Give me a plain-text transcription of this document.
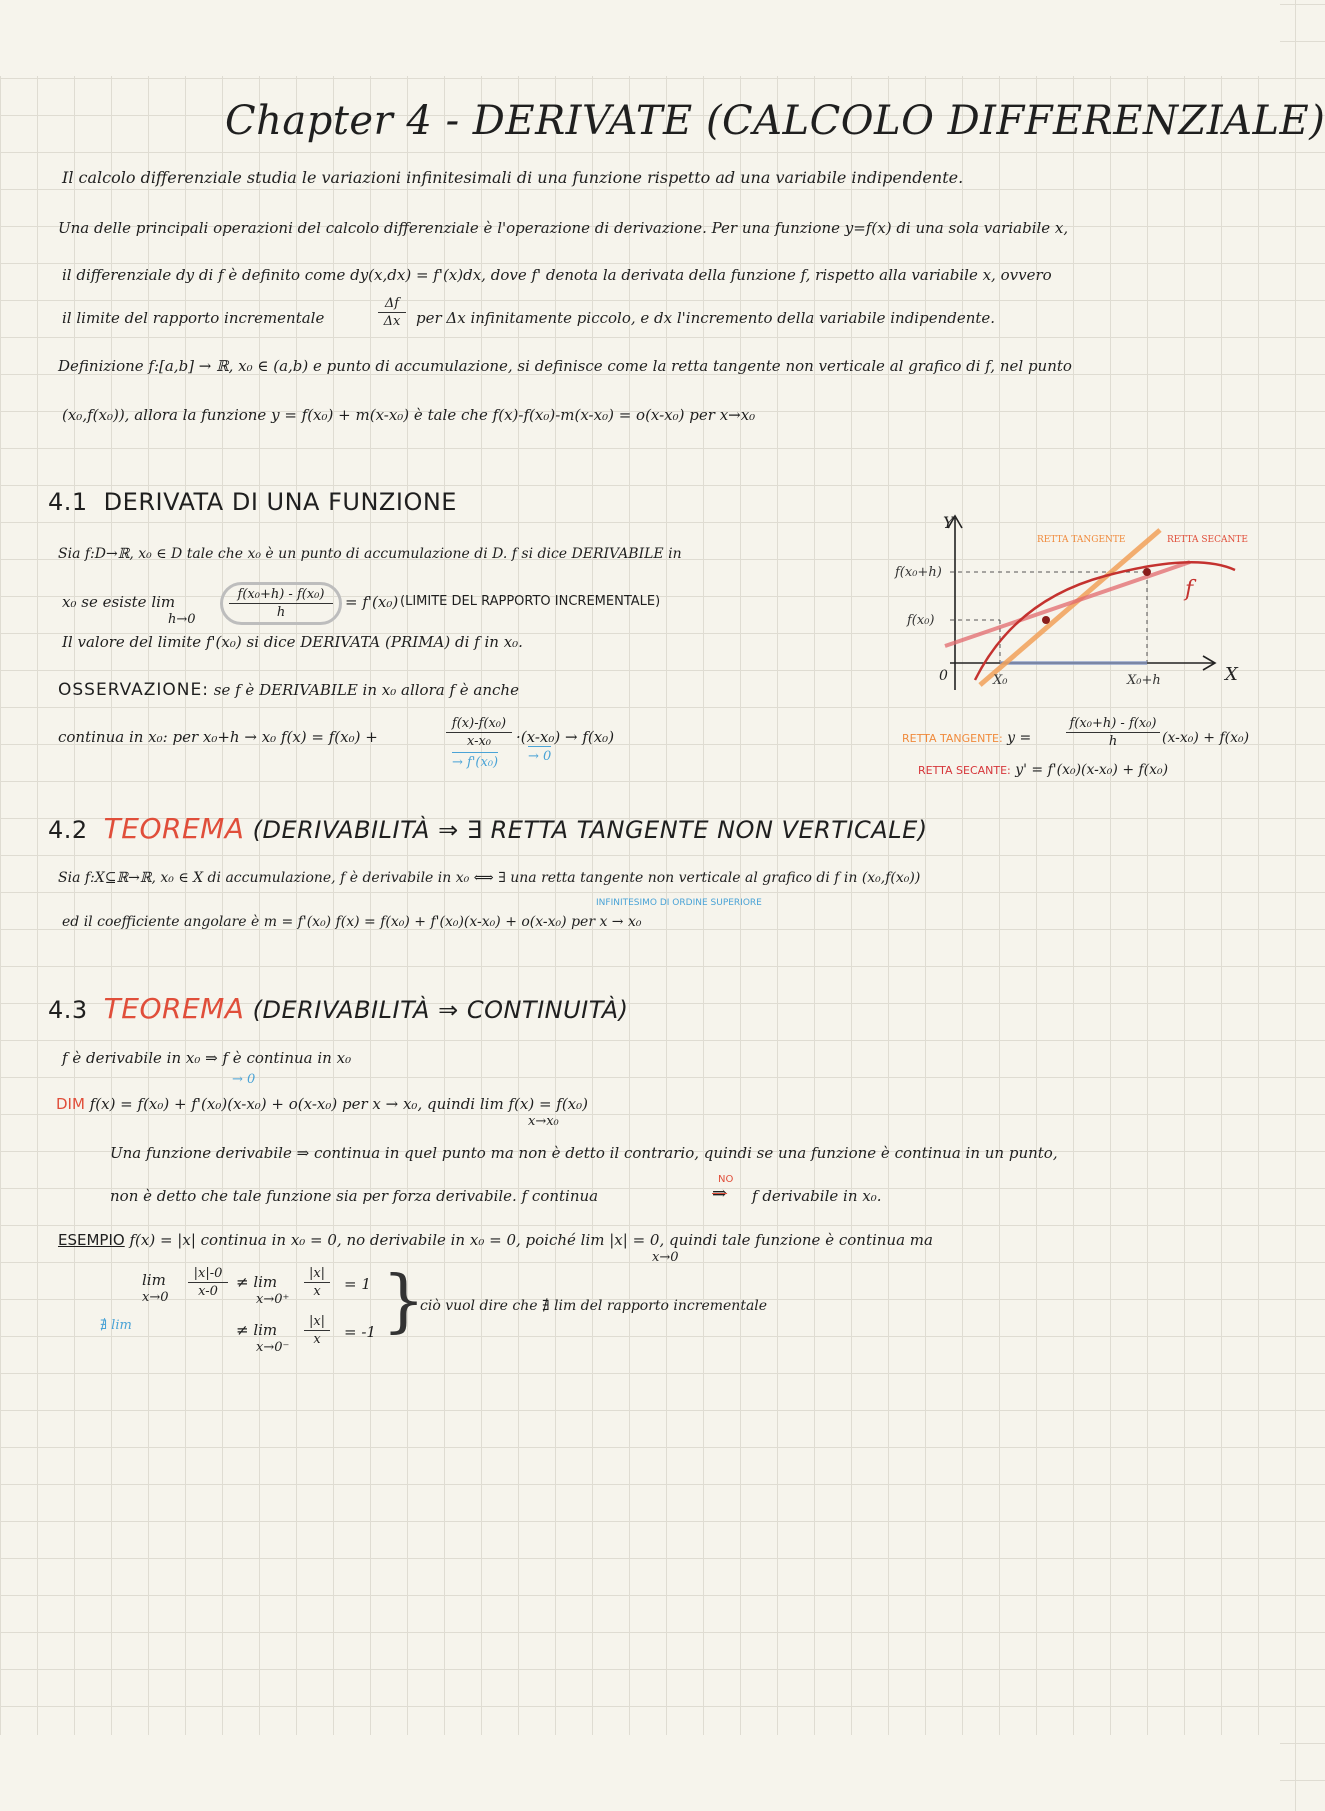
Chapter 4 - DERIVATE (CALCOLO DIFFERENZIALE)
Il calcolo differenziale studia le variazioni infinitesimali di una funzione rispetto ad una variabile indipendente.
Una delle principali operazioni del calcolo differenziale è l'operazione di derivazione. Per una funzione y=f(x) di una sola variabile x,
il differenziale dy di f è definito come dy(x,dx) = f'(x)dx, dove f' denota la derivata della funzione f, rispetto alla variabile x, ovvero
il limite del rapporto incrementale
Δf
Δx	per Δx infinitamente piccolo, e dx l'incremento della variabile indipendente.
Definizione f:[a,b] → ℝ, x₀ ∈ (a,b) e punto di accumulazione, si definisce come la retta tangente non verticale al grafico di f, nel punto
(x₀,f(x₀)), allora la funzione y = f(x₀) + m(x-x₀) è tale che f(x)-f(x₀)-m(x-x₀) = o(x-x₀) per x→x₀
4.1 DERIVATA DI UNA FUNZIONE
Sia f:D→ℝ, x₀ ∈ D tale che x₀ è un punto di accumulazione di D. f si dice DERIVABILE in
x₀ se esiste lim
h→0
f(x₀+h) - f(x₀)
h
= f'(x₀) (LIMITE DEL RAPPORTO INCREMENTALE)
Il valore del limite f'(x₀) si dice DERIVATA (PRIMA) di f in x₀.
OSSERVAZIONE: se f è DERIVABILE in x₀ allora f è anche
continua in x₀: per x₀+h → x₀ f(x) = f(x₀) +
f(x)-f(x₀)
x-x₀	·(x-x₀) → f(x₀)
→ f'(x₀) → 0
Y
X
0	X₀	X₀+h
f(x₀)
f(x₀+h)
f
RETTA TANGENTE	RETTA SECANTE
RETTA TANGENTE: y =
f(x₀+h) - f(x₀)
h	(x-x₀) + f(x₀)
RETTA SECANTE: y' = f'(x₀)(x-x₀) + f(x₀)
4.2 TEOREMA (DERIVABILITÀ ⇒ ∃ RETTA TANGENTE NON VERTICALE)
Sia f:X⊆ℝ→ℝ, x₀ ∈ X di accumulazione, f è derivabile in x₀ ⟺ ∃ una retta tangente non verticale al grafico di f in (x₀,f(x₀))
INFINITESIMO DI ORDINE SUPERIORE
ed il coefficiente angolare è m = f'(x₀) f(x) = f(x₀) + f'(x₀)(x-x₀) + o(x-x₀) per x → x₀
4.3 TEOREMA (DERIVABILITÀ ⇒ CONTINUITÀ)
f è derivabile in x₀ ⇒ f è continua in x₀
→ 0
DIM f(x) = f(x₀) + f'(x₀)(x-x₀) + o(x-x₀) per x → x₀, quindi lim f(x) = f(x₀)
x→x₀
Una funzione derivabile ⇒ continua in quel punto ma non è detto il contrario, quindi se una funzione è continua in un punto,
non è detto che tale funzione sia per forza derivabile. f continua
NO
⇒ f derivabile in x₀.
ESEMPIO f(x) = |x| continua in x₀ = 0, no derivabile in x₀ = 0, poiché lim |x| = 0, quindi tale funzione è continua ma
x→0
lim
x→0
|x|-0
x-0
≠ lim
x→0⁺
|x|
x	= 1
≠ lim
x→0⁻
|x|
x	= -1 }
∄ lim
ciò vuol dire che ∄ lim del rapporto incrementale
